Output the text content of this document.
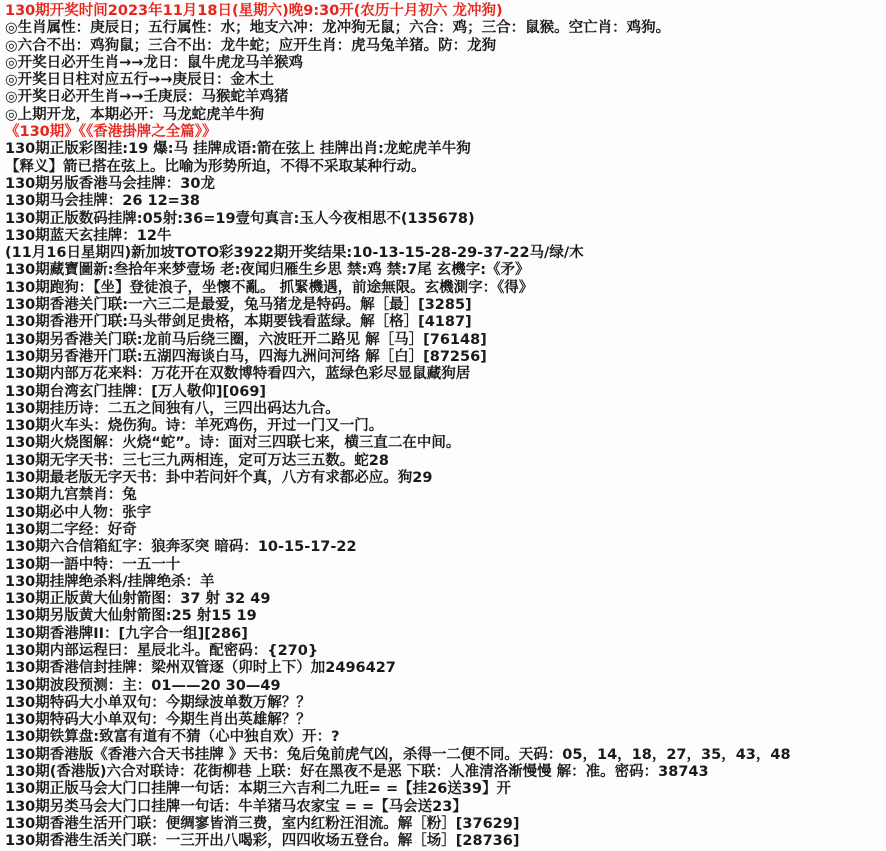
130期开奖时间2023年11月18日(星期六)晚9:30开(农历十月初六 龙冲狗)
◎生肖属性：庚辰日；五行属性：水；地支六冲：龙冲狗无鼠；六合：鸡；三合：鼠猴。空亡肖：鸡狗。
◎六合不出：鸡狗鼠；三合不出：龙牛蛇；应开生肖：虎马兔羊猪。防：龙狗
◎开奖日必开生肖→→龙日：鼠牛虎龙马羊猴鸡
◎开奖日日柱对应五行→→庚辰日：金木土
◎开奖日必开生肖→→壬庚辰：马猴蛇羊鸡猪
◎上期开龙，本期必开：马龙蛇虎羊牛狗
《130期》《《香港掛牌之全篇》》
130期正版彩图挂:19 爆:马 挂牌成语:箭在弦上 挂牌出肖:龙蛇虎羊牛狗
【释义】箭已搭在弦上。比喻为形势所迫，不得不采取某种行动。
130期另版香港马会挂牌：30龙
130期马会挂牌：26 12=38
130期正版数码挂牌:05射:36=19壹句真言:玉人今夜相思不(135678)
130期蓝天玄挂牌：12牛
(11月16日星期四)新加坡TOTO彩3922期开奖结果:10-13-15-28-29-37-22马/绿/木
130期藏寶圖新:叁拾年来梦壹场 老:夜闻归雁生乡思 禁:鸡 禁:7尾 玄機字:《矛》
130期跑狗：【坐】登徒浪子，坐懷不亂。 抓緊機遇，前途無限。玄機測字：《得》
130期香港关门联:一六三二是最爱，兔马猪龙是特码。解［最］[3285]
130期香港开门联:马头带剑足贵格，本期要钱看蓝绿。解［格］[4187]
130期另香港关门联:龙前马后绕三圈，六波旺开二路见 解［马］[76148]
130期另香港开门联:五湖四海谈白马，四海九洲问河络 解［白］[87256]
130期内部万花来料：万花开在双数博特看四六，蓝绿色彩尽显鼠藏狗居
130期台湾玄门挂牌：[万人敬仰][069]
130期挂历诗：二五之间独有八，三四出码达九合。
130期火车头：烧伤狗。诗：羊死鸡伤，开过一门又一门。
130期火烧图解：火烧“蛇”。诗：面对三四联七来，横三直二在中间。
130期无字天书：三七三九两相连，定可万达三五数。蛇28
130期最老版无字天书：卦中若问奸个真，八方有求都必应。狗29
130期九宫禁肖：兔
130期必中人物：张宇
130期二字经：好奇
130期六合信箱紅字：狼奔豕突 暗码：10-15-17-22
130期一語中特：一五一十
130期挂牌绝杀料/挂牌绝杀：羊
130期正版黄大仙射箭图：37 射 32 49
130期另版黄大仙射箭图:25 射15 19
130期香港牌II：[九字合一组][286]
130期内部运程曰：星辰北斗。配密码：{270}
130期香港信封挂牌：梁州双管逐（卯时上下）加2496427
130期波段预测：主：01——20 30—49
130期特码大小单双句：今期绿波单数万解？？
130期特码大小单双句：今期生肖出英雄解？？
130期铁算盘:致富有道有不猜（心中独自欢）开：?
130期香港版《香港六合天书挂牌 》天书：兔后兔前虎气凶，杀得一二便不同。天码：05，14，18，27，35，43，48
130期(香港版)六合对联诗：花街柳巷 上联：好在黑夜不是恶 下联：人准清洛渐慢慢 解：准。密码：38743
130期正版马会大门口挂牌一句话：本期三六吉利二九旺= =【挂26送39】开
130期另类马会大门口挂牌一句话：牛羊猪马农家宝 = =【马会送23】
130期香港生活开门联：便绸寥皆消三费，室内红粉汪泪流。解［粉］[37629]
130期香港生活关门联：一三开出八喝彩，四四收场五登台。解［场］[28736]
